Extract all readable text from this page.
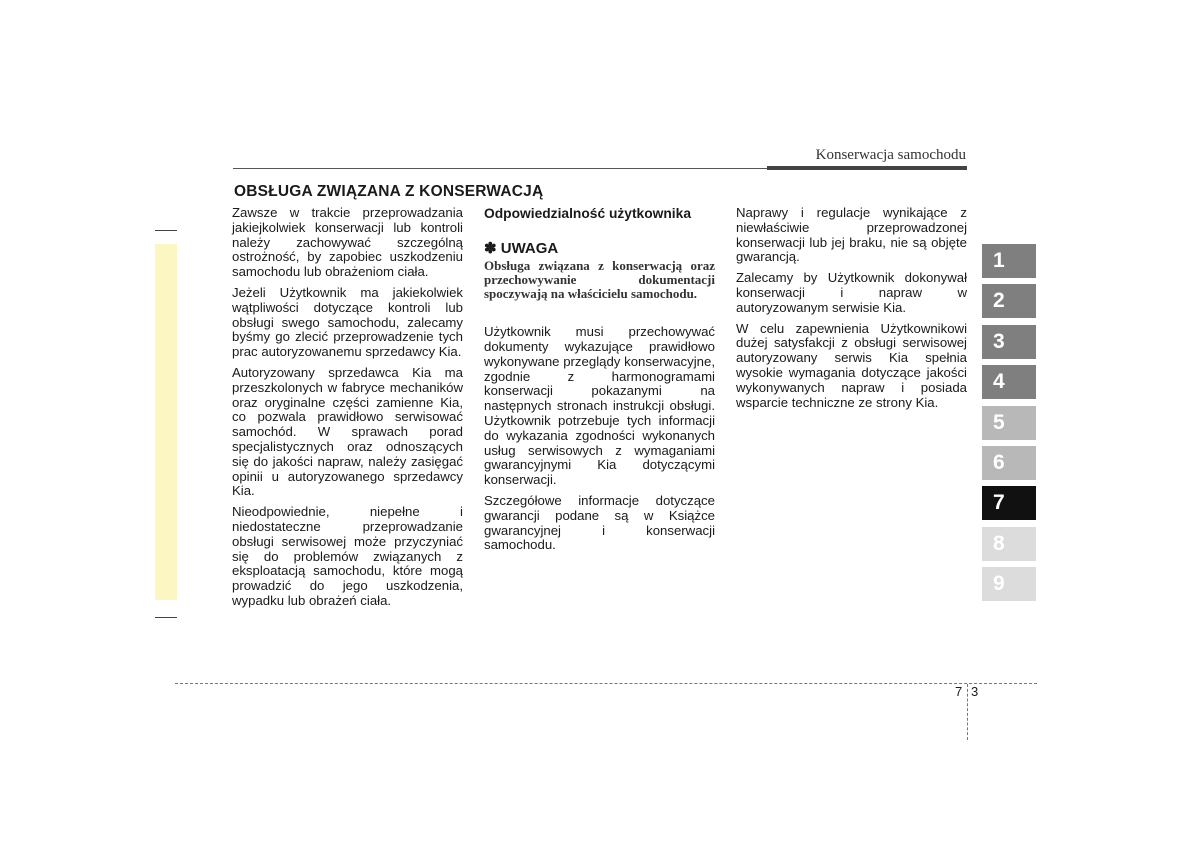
Konserwacja samochodu
OBSŁUGA ZWIĄZANA Z KONSERWACJĄ

Zawsze w trakcie przeprowadzania jakiejkolwiek konserwacji lub kontroli należy zachowywać szczególną ostrożność, by zapobiec uszkodzeniu samochodu lub obrażeniom ciała.

Jeżeli Użytkownik ma jakiekolwiek wątpliwości dotyczące kontroli lub obsługi swego samochodu, zalecamy byśmy go zlecić przeprowadzenie tych prac autoryzowanemu sprzedawcy Kia.

Autoryzowany sprzedawca Kia ma przeszkolonych w fabryce mechaników oraz oryginalne części zamienne Kia, co pozwala prawidłowo serwisować samochód. W sprawach porad specjalistycznych oraz odnoszących się do jakości napraw, należy zasięgać opinii u autoryzowanego sprzedawcy Kia.

Nieodpowiednie, niepełne i niedostateczne przeprowadzanie obsługi serwisowej może przyczyniać się do problemów związanych z eksploatacją samochodu, które mogą prowadzić do jego uszkodzenia, wypadku lub obrażeń ciała.

Odpowiedzialność użytkownika
✽ UWAGA
Obsługa związana z konserwacją oraz przechowywanie dokumentacji spoczywają na właścicielu samochodu.

Użytkownik musi przechowywać dokumenty wykazujące prawidłowo wykonywane przeglądy konserwacyjne, zgodnie z harmonogramami konserwacji pokazanymi na następnych stronach instrukcji obsługi. Użytkownik potrzebuje tych informacji do wykazania zgodności wykonanych usług serwisowych z wymaganiami gwarancyjnymi Kia dotyczącymi konserwacji.

Szczegółowe informacje dotyczące gwarancji podane są w Książce gwarancyjnej i konserwacji samochodu.

Naprawy i regulacje wynikające z niewłaściwie przeprowadzonej konserwacji lub jej braku, nie są objęte gwarancją.

Zalecamy by Użytkownik dokonywał konserwacji i napraw w autoryzowanym serwisie Kia.

W celu zapewnienia Użytkownikowi dużej satysfakcji z obsługi serwisowej autoryzowany serwis Kia spełnia wysokie wymagania dotyczące jakości wykonywanych napraw i posiada wsparcie techniczne ze strony Kia.

1
2
3
4
5
6
7
8
9
7 3
